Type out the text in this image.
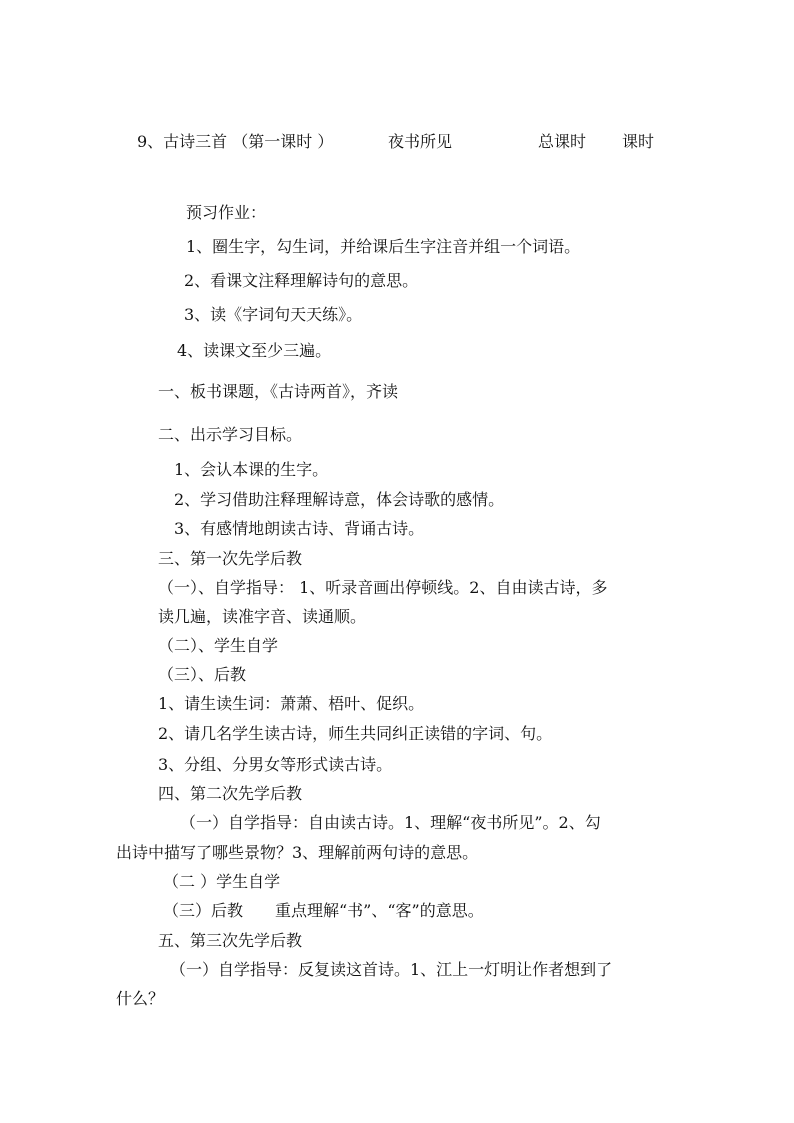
9、古诗三首 （第一课时 ）	夜书所见	总课时 课时
预习作业：
1、圈生字，勾生词，并给课后生字注音并组一个词语。
2、看课文注释理解诗句的意思。
3、读《字词句天天练》。
4、读课文至少三遍。
一、板书课题，《古诗两首》，齐读
二、出示学习目标。
1、会认本课的生字。
2、学习借助注释理解诗意，体会诗歌的感情。
3、有感情地朗读古诗、背诵古诗。
三、第一次先学后教
（一）、自学指导： 1、听录音画出停顿线。2、自由读古诗，多
读几遍，读准字音、读通顺。
（二）、学生自学
（三）、后教
1、请生读生词：萧萧、梧叶、促织。
2、请几名学生读古诗，师生共同纠正读错的字词、句。
3、分组、分男女等形式读古诗。
四、第二次先学后教
（一）自学指导：自由读古诗。1、理解“夜书所见”。2、勾
出诗中描写了哪些景物？3、理解前两句诗的意思。
（二 ）学生自学
（三）后教　　重点理解“书”、“客”的意思。
五、第三次先学后教
（一）自学指导：反复读这首诗。1、江上一灯明让作者想到了
什么？
